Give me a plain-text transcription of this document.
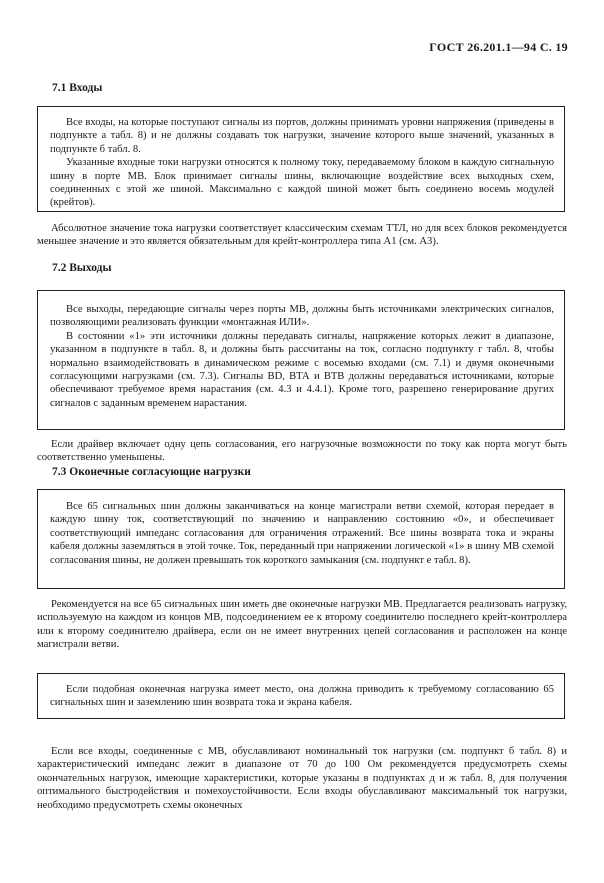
ГОСТ 26.201.1—94 С. 19
7.1 Входы

Все входы, на которые поступают сигналы из портов, должны принимать уровни напряжения (приведены в подпункте а табл. 8) и не должны создавать ток нагрузки, значение которого выше значений, указанных в подпункте б табл. 8.

Указанные входные токи нагрузки относятся к полному току, передаваемому блоком в каждую сигнальную шину в порте МВ. Блок принимает сигналы шины, включающие воздействие всех выходных схем, соединенных с этой же шиной. Максимально с каждой шиной может быть соединено восемь модулей (крейтов).

Абсолютное значение тока нагрузки соответствует классическим схемам ТТЛ, но для всех блоков рекомендуется меньшее значение и это является обязательным для крейт-контроллера типа А1 (см. А3).

7.2 Выходы

Все выходы, передающие сигналы через порты МВ, должны быть источниками электрических сигналов, позволяющими реализовать функции «монтажная ИЛИ».

В состоянии «1» эти источники должны передавать сигналы, напряжение которых лежит в диапазоне, указанном в подпункте в табл. 8, и должны быть рассчитаны на ток, согласно подпункту г табл. 8, чтобы нормально взаимодействовать в динамическом режиме с восемью входами (см. 7.1) и двумя оконечными согласующими нагрузками (см. 7.3). Сигналы BD, ВТА и ВТВ должны передаваться источниками, которые обеспечивают требуемое время нарастания (см. 4.3 и 4.4.1). Кроме того, разрешено генерирование других сигналов с заданным временем нарастания.

Если драйвер включает одну цепь согласования, его нагрузочные возможности по току как порта могут быть соответственно уменьшены.

7.3 Оконечные согласующие нагрузки

Все 65 сигнальных шин должны заканчиваться на конце магистрали ветви схемой, которая передает в каждую шину ток, соответствующий по значению и направлению состоянию «0», и обеспечивает соответствующий импеданс согласования для ограничения отражений. Все шины возврата тока и экраны кабеля должны заземляться в этой точке. Ток, переданный при напряжении логической «1» в шину МВ схемой согласования шины, не должен превышать ток короткого замыкания (см. подпункт е табл. 8).

Рекомендуется на все 65 сигнальных шин иметь две оконечные нагрузки МВ. Предлагается реализовать нагрузку, используемую на каждом из концов МВ, подсоединением ее к второму соединителю последнего крейт-контроллера или к второму соединителю драйвера, если он не имеет внутренних цепей согласования и расположен на конце магистрали ветви.

Если подобная оконечная нагрузка имеет место, она должна приводить к требуемому согласованию 65 сигнальных шин и заземлению шин возврата тока и экрана кабеля.

Если все входы, соединенные с МВ, обуславливают номинальный ток нагрузки (см. подпункт б табл. 8) и характеристический импеданс лежит в диапазоне от 70 до 100 Ом рекомендуется предусмотреть схемы окончательных нагрузок, имеющие характеристики, которые указаны в подпунктах д и ж табл. 8, для получения оптимального быстродействия и помехоустойчивости. Если входы обуславливают максимальный ток нагрузки, необходимо предусмотреть схемы оконечных
